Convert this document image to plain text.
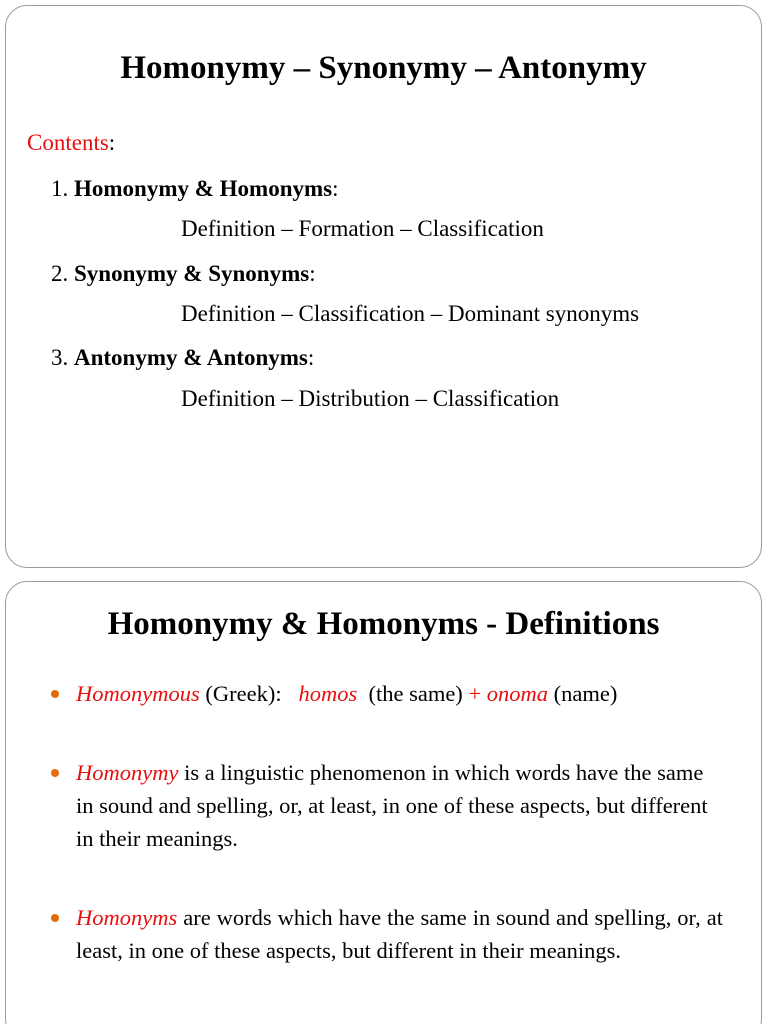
Homonymy – Synonymy – Antonymy
Contents:
1. Homonymy & Homonyms:
Definition – Formation – Classification
2. Synonymy & Synonyms:
Definition – Classification – Dominant synonyms
3. Antonymy & Antonyms:
Definition – Distribution – Classification
Homonymy & Homonyms - Definitions
Homonymous (Greek):   homos  (the same) + onoma (name)
Homonymy is a linguistic phenomenon in which words have the same in sound and spelling, or, at least, in one of these aspects, but different in their meanings.
Homonyms are words which have the same in sound and spelling, or, at least, in one of these aspects, but different in their meanings.
